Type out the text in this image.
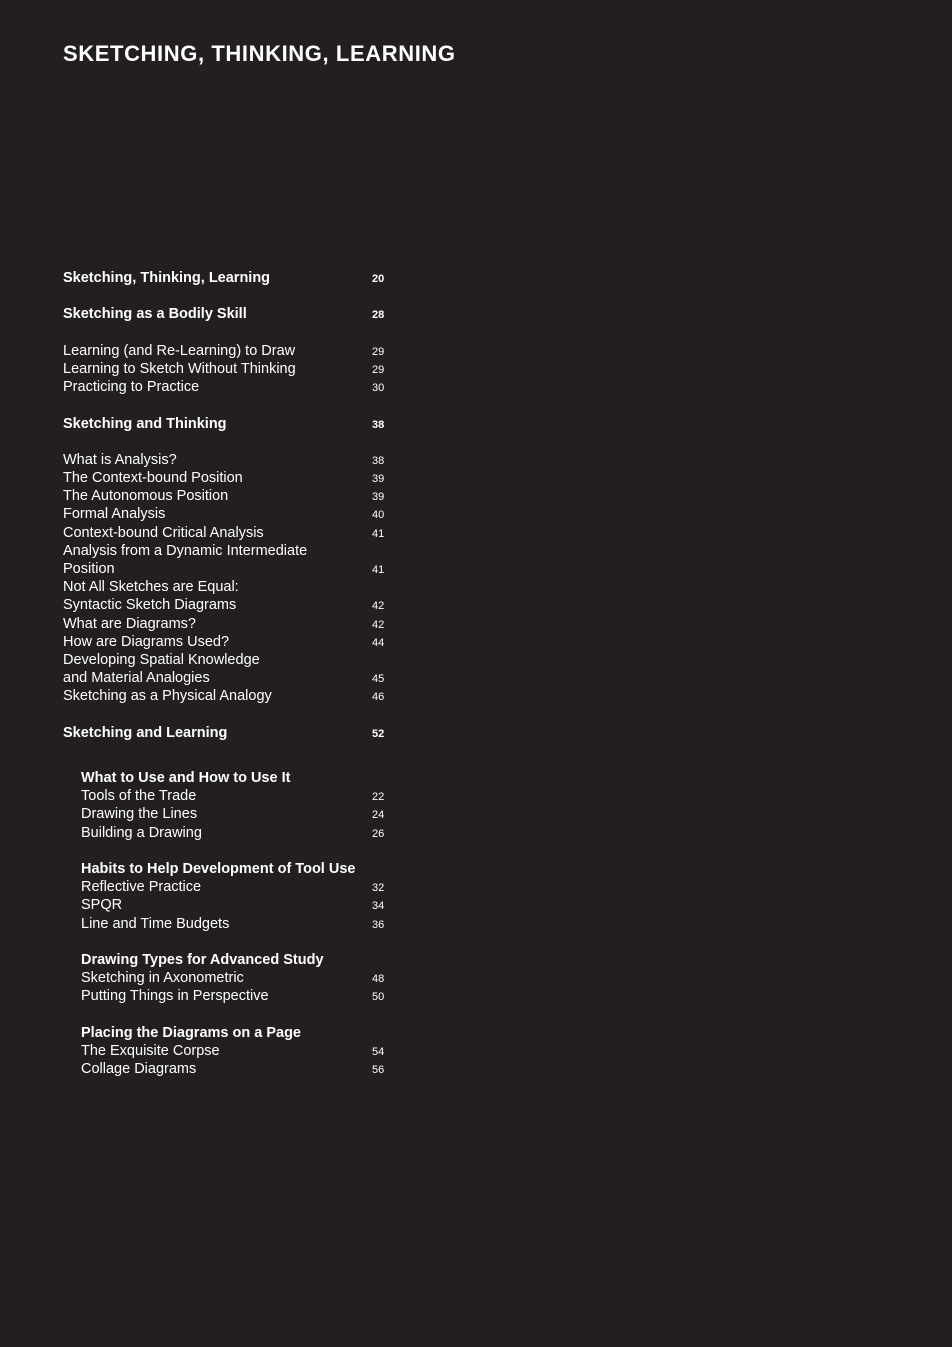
SKETCHING, THINKING, LEARNING
Sketching, Thinking, Learning	20
Sketching as a Bodily Skill	28
Learning (and Re-Learning) to Draw	29
Learning to Sketch Without Thinking	29
Practicing to Practice	30
Sketching and Thinking	38
What is Analysis?	38
The Context-bound Position	39
The Autonomous Position	39
Formal Analysis	40
Context-bound Critical Analysis	41
Analysis from a Dynamic Intermediate
Position	41
Not All Sketches are Equal:
Syntactic Sketch Diagrams	42
What are Diagrams?	42
How are Diagrams Used?	44
Developing Spatial Knowledge
and Material Analogies	45
Sketching as a Physical Analogy	46
Sketching and Learning	52
What to Use and How to Use It
Tools of the Trade	22
Drawing the Lines	24
Building a Drawing	26
Habits to Help Development of Tool Use
Reflective Practice	32
SPQR	34
Line and Time Budgets	36
Drawing Types for Advanced Study
Sketching in Axonometric	48
Putting Things in Perspective	50
Placing the Diagrams on a Page
The Exquisite Corpse	54
Collage Diagrams	56
